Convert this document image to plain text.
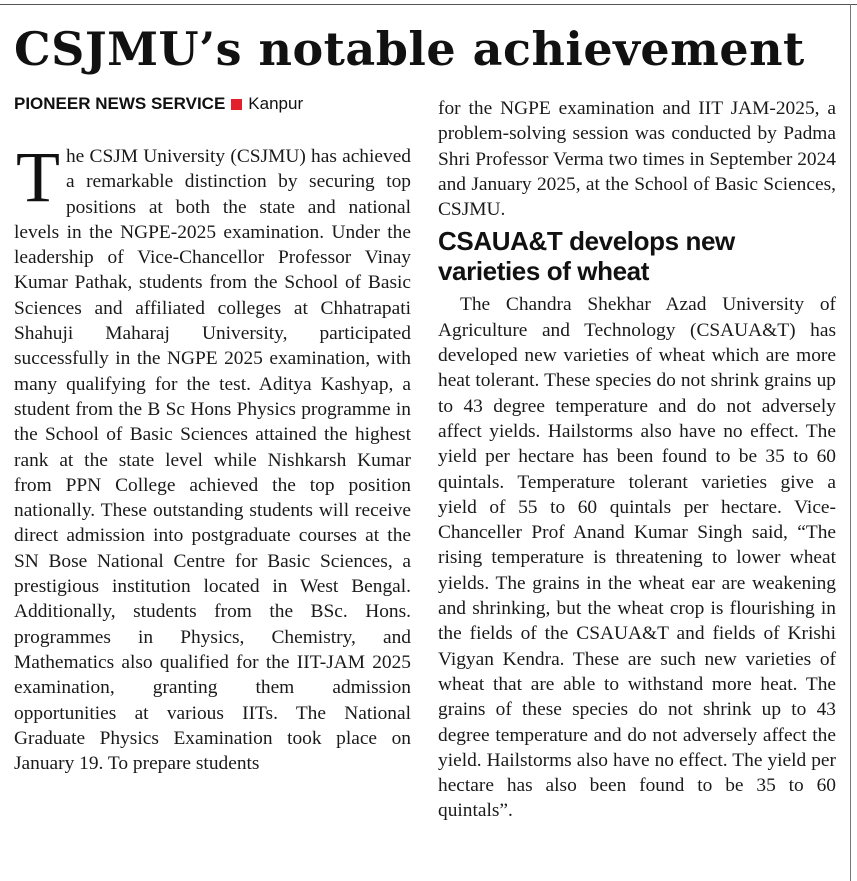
CSJMU’s notable achievement
PIONEER NEWS SERVICE Kanpur

The CSJM University (CSJMU) has achieved a remarkable distinction by securing top positions at both the state and national levels in the NGPE-2025 examination. Under the leadership of Vice-Chancellor Professor Vinay Kumar Pathak, students from the School of Basic Sciences and affiliated colleges at Chhatrapati Shahuji Maharaj University, participated successfully in the NGPE 2025 examination, with many qualifying for the test. Aditya Kashyap, a student from the B Sc Hons Physics programme in the School of Basic Sciences attained the highest rank at the state level while Nishkarsh Kumar from PPN College achieved the top position nationally. These outstanding students will receive direct admission into postgraduate courses at the SN Bose National Centre for Basic Sciences, a prestigious institution located in West Bengal. Additionally, students from the BSc. Hons. programmes in Physics, Chemistry, and Mathematics also qualified for the IIT-JAM 2025 examination, granting them admission opportunities at various IITs. The National Graduate Physics Examination took place on January 19. To prepare students

for the NGPE examination and IIT JAM-2025, a problem-solving session was conducted by Padma Shri Professor Verma two times in September 2024 and January 2025, at the School of Basic Sciences, CSJMU.

CSAUA&T develops new varieties of wheat

The Chandra Shekhar Azad University of Agriculture and Technology (CSAUA&T) has developed new varieties of wheat which are more heat tolerant. These species do not shrink grains up to 43 degree temperature and do not adversely affect yields. Hailstorms also have no effect. The yield per hectare has been found to be 35 to 60 quintals. Temperature tolerant varieties give a yield of 55 to 60 quintals per hectare. Vice-Chanceller Prof Anand Kumar Singh said, “The rising temperature is threatening to lower wheat yields. The grains in the wheat ear are weakening and shrinking, but the wheat crop is flourishing in the fields of the CSAUA&T and fields of Krishi Vigyan Kendra. These are such new varieties of wheat that are able to withstand more heat. The grains of these species do not shrink up to 43 degree temperature and do not adversely affect the yield. Hailstorms also have no effect. The yield per hectare has also been found to be 35 to 60 quintals”.
